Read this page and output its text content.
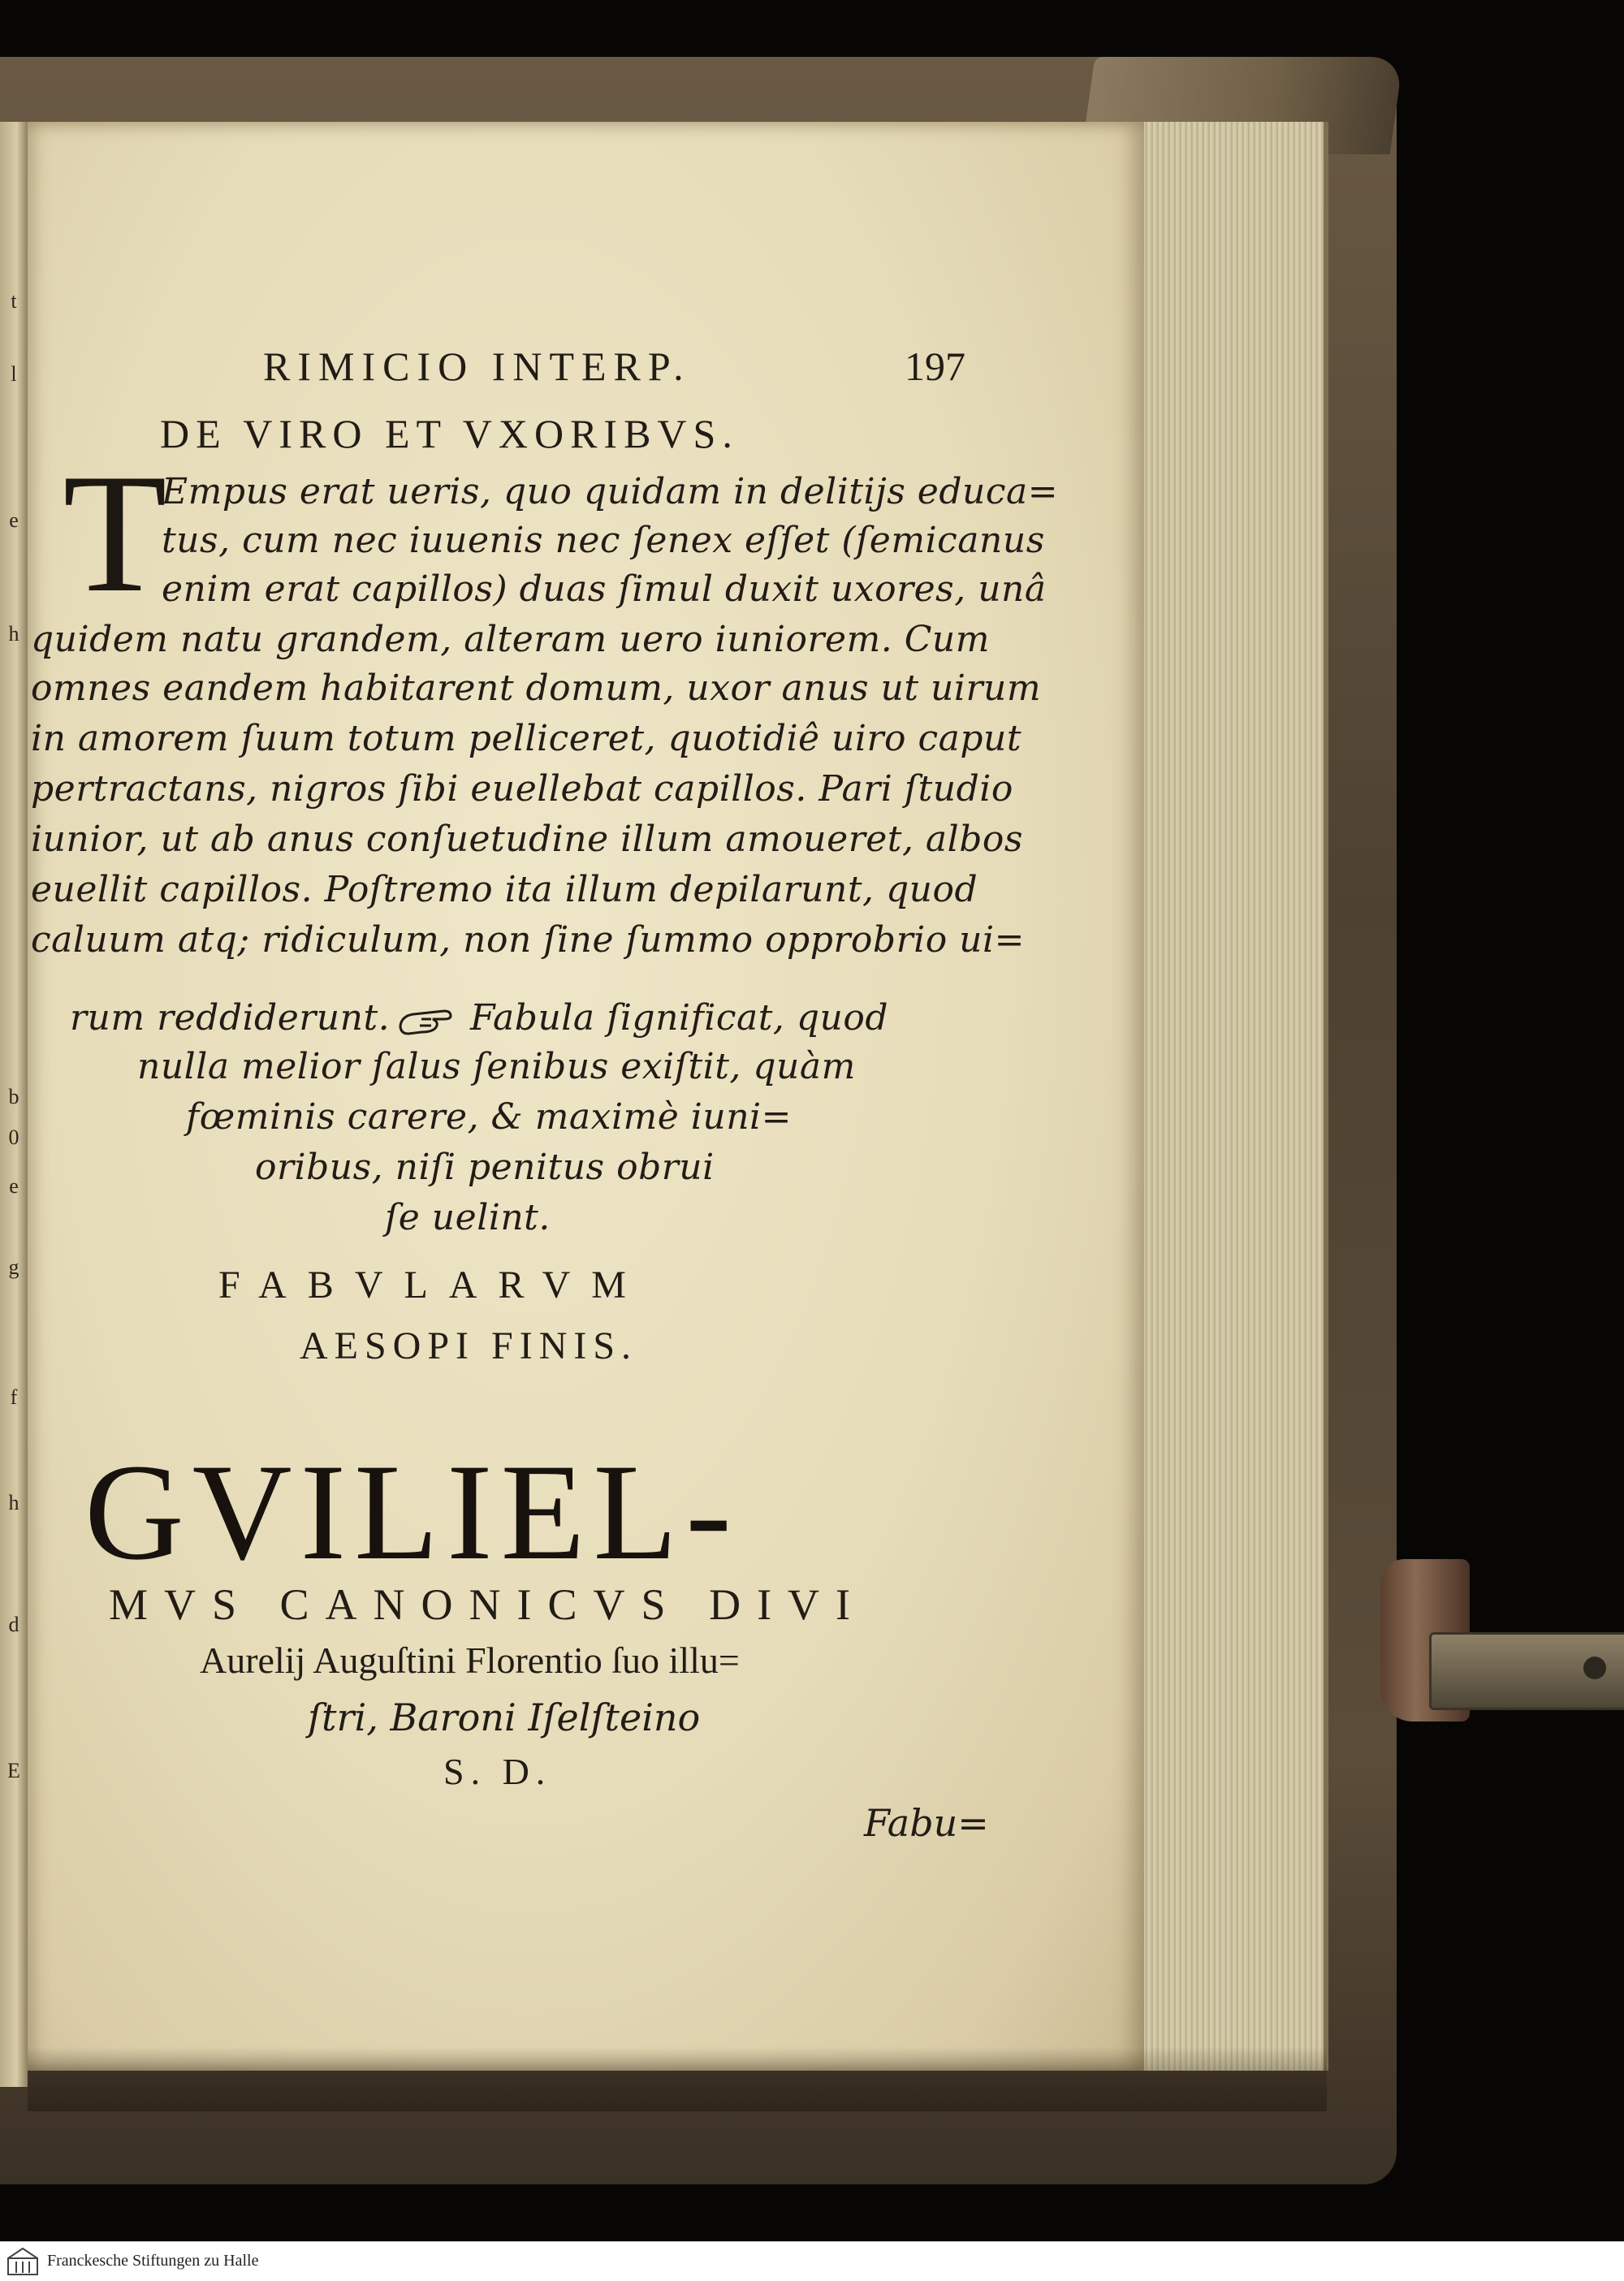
t
l
e
h
b
0
e
g
f
h
d
E

RIMICIO INTERP.	197

DE VIRO ET VXORIBVS.

T

Empus erat ueris, quo quidam in delitijs educa=

tus, cum nec iuuenis nec ſenex eſſet (ſemicanus

enim erat capillos) duas ſimul duxit uxores, unâ

quidem natu grandem, alteram uero iuniorem. Cum

omnes eandem habitarent domum, uxor anus ut uirum

in amorem ſuum totum pelliceret, quotidiê uiro caput

pertractans, nigros ſibi euellebat capillos. Pari ſtudio

iunior, ut ab anus conſuetudine illum amoueret, albos

euellit capillos. Poſtremo ita illum depilarunt, quod

caluum atq; ridiculum, non ſine ſummo opprobrio ui=

rum reddiderunt. Fabula ſignificat, quod

nulla melior ſalus ſenibus exiſtit, quàm

fœminis carere, & maximè iuni=

oribus, niſi penitus obrui

ſe uelint.

FABVLARVM

AESOPI FINIS.

GVILIEL-

MVS CANONICVS DIVI

Aurelij Auguſtini Florentio ſuo illu=

ſtri, Baroni Iſelſteino

S. D.

Fabu=

Franckesche Stiftungen zu Halle
